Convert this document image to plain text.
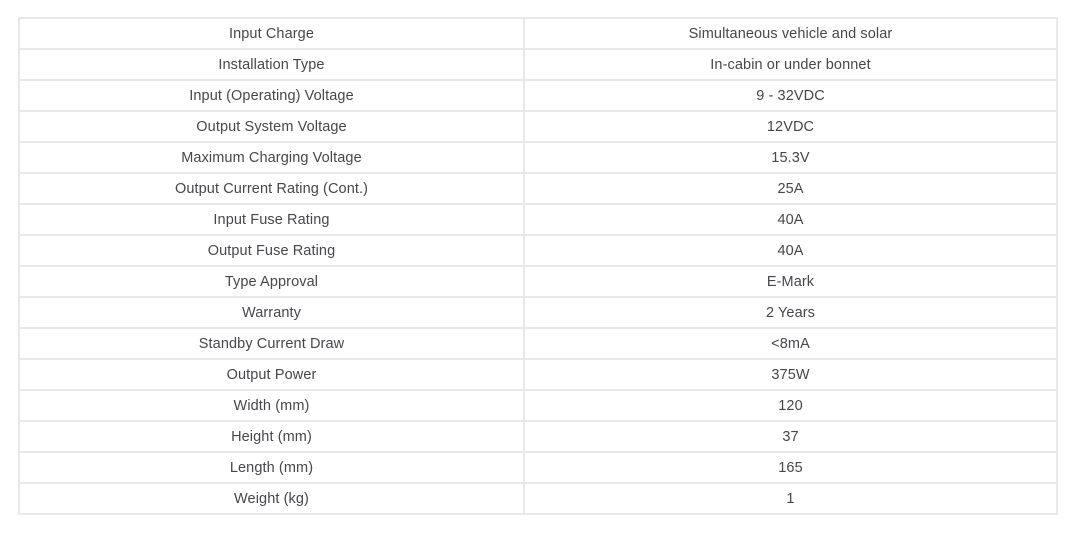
Input Charge	Simultaneous vehicle and solar
Installation Type	In-cabin or under bonnet
Input (Operating) Voltage	9 - 32VDC
Output System Voltage	12VDC
Maximum Charging Voltage	15.3V
Output Current Rating (Cont.)	25A
Input Fuse Rating	40A
Output Fuse Rating	40A
Type Approval	E-Mark
Warranty	2 Years
Standby Current Draw	<8mA
Output Power	375W
Width (mm)	120
Height (mm)	37
Length (mm)	165
Weight (kg)	1
